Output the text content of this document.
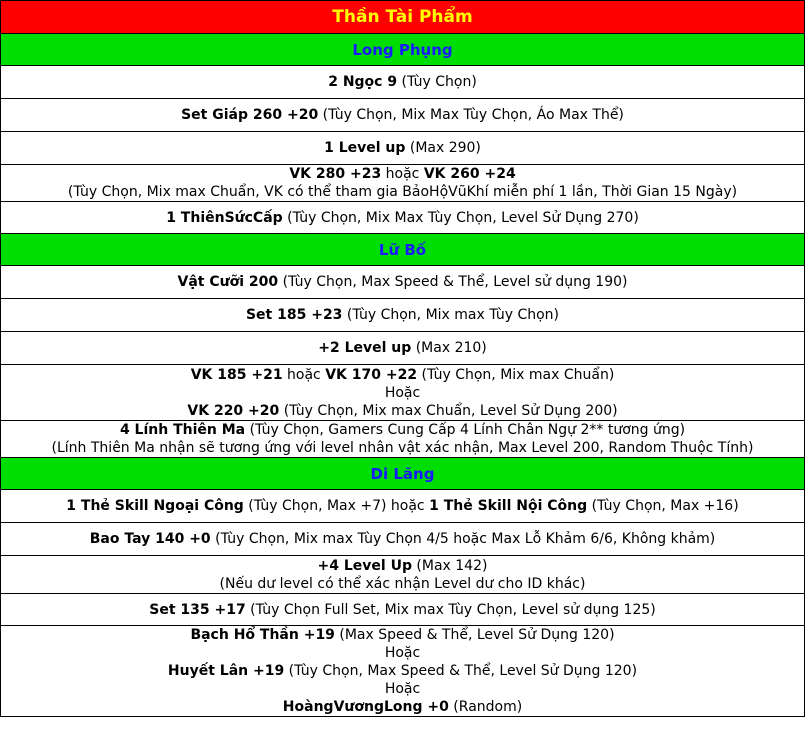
Thần Tài Phẩm
Long Phụng
2 Ngọc 9 (Tùy Chọn)
Set Giáp 260 +20 (Tùy Chọn, Mix Max Tùy Chọn, Áo Max Thể)
1 Level up (Max 290)
VK 280 +23 hoặc VK 260 +24
(Tùy Chọn, Mix max Chuẩn, VK có thể tham gia BảoHộVũKhí miễn phí 1 lần, Thời Gian 15 Ngày)
1 ThiênSứcCấp (Tùy Chọn, Mix Max Tùy Chọn, Level Sử Dụng 270)
Lữ Bố
Vật Cưỡi 200 (Tùy Chọn, Max Speed & Thể, Level sử dụng 190)
Set 185 +23 (Tùy Chọn, Mix max Tùy Chọn)
+2 Level up (Max 210)
VK 185 +21 hoặc VK 170 +22 (Tùy Chọn, Mix max Chuẩn)
Hoặc
VK 220 +20 (Tùy Chọn, Mix max Chuẩn, Level Sử Dụng 200)
4 Lính Thiên Ma (Tùy Chọn, Gamers Cung Cấp 4 Lính Chân Ngự 2** tương ứng)
(Lính Thiên Ma nhận sẽ tương ứng với level nhân vật xác nhận, Max Level 200, Random Thuộc Tính)
Di Lăng
1 Thẻ Skill Ngoại Công (Tùy Chọn, Max +7) hoặc 1 Thẻ Skill Nội Công (Tùy Chọn, Max +16)
Bao Tay 140 +0 (Tùy Chọn, Mix max Tùy Chọn 4/5 hoặc Max Lỗ Khảm 6/6, Không khảm)
+4 Level Up (Max 142)
(Nếu dư level có thể xác nhận Level dư cho ID khác)
Set 135 +17 (Tùy Chọn Full Set, Mix max Tùy Chọn, Level sử dụng 125)
Bạch Hổ Thần +19 (Max Speed & Thể, Level Sử Dụng 120)
Hoặc
Huyết Lân +19 (Tùy Chọn, Max Speed & Thể, Level Sử Dụng 120)
Hoặc
HoàngVươngLong +0 (Random)
